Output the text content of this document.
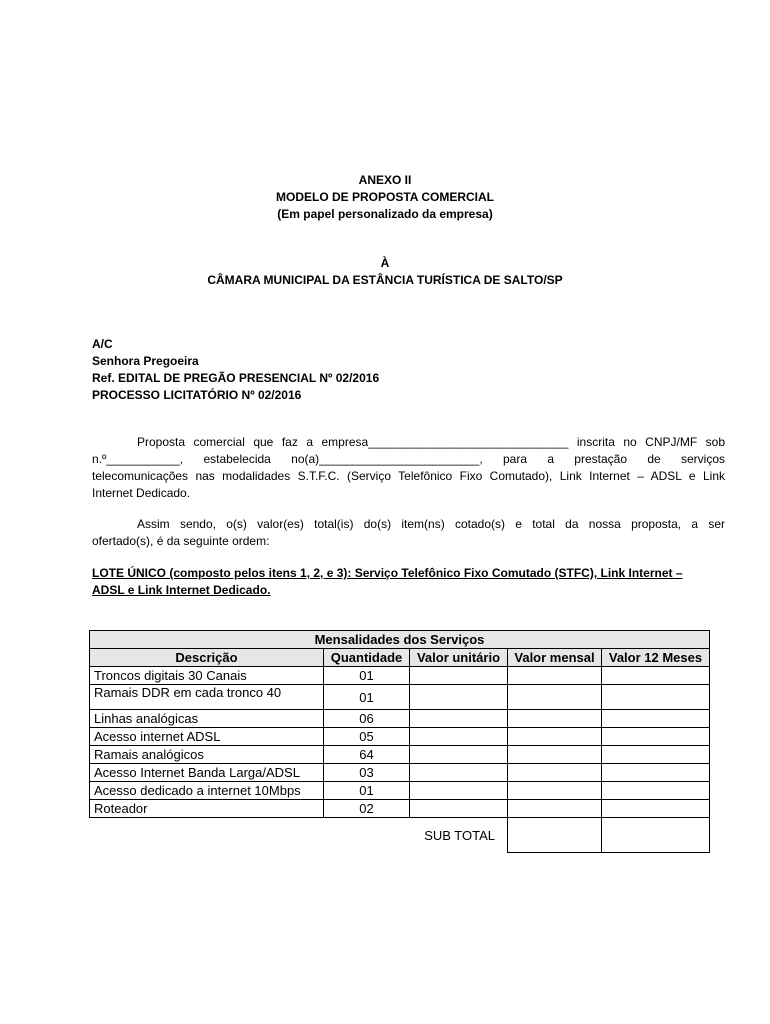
ANEXO II
MODELO DE PROPOSTA COMERCIAL
(Em papel personalizado da empresa)
À
CÂMARA MUNICIPAL DA ESTÂNCIA TURÍSTICA DE SALTO/SP
A/C
Senhora Pregoeira
Ref. EDITAL DE PREGÃO PRESENCIAL Nº 02/2016
PROCESSO LICITATÓRIO Nº 02/2016
Proposta comercial que faz a empresa______________________________ inscrita no CNPJ/MF sob
n.º___________, estabelecida no(a)________________________, para a prestação de serviços
telecomunicações nas modalidades S.T.F.C. (Serviço Telefônico Fixo Comutado), Link Internet – ADSL e Link
Internet Dedicado.
Assim sendo, o(s) valor(es) total(is) do(s) item(ns) cotado(s) e total da nossa proposta, a ser
ofertado(s), é da seguinte ordem:
LOTE ÚNICO (composto pelos itens 1, 2, e 3): Serviço Telefônico Fixo Comutado (STFC), Link Internet –
ADSL e Link Internet Dedicado.
Mensalidades dos Serviços				
Descrição	Quantidade	Valor unitário	Valor mensal	Valor 12 Meses
Troncos digitais 30 Canais	01			
Ramais DDR em cada tronco 40	01			
Linhas analógicas	06			
Acesso internet ADSL	05			
Ramais analógicos	64			
Acesso Internet Banda Larga/ADSL	03			
Acesso dedicado a internet 10Mbps	01			
Roteador	02			
		SUB TOTAL		
